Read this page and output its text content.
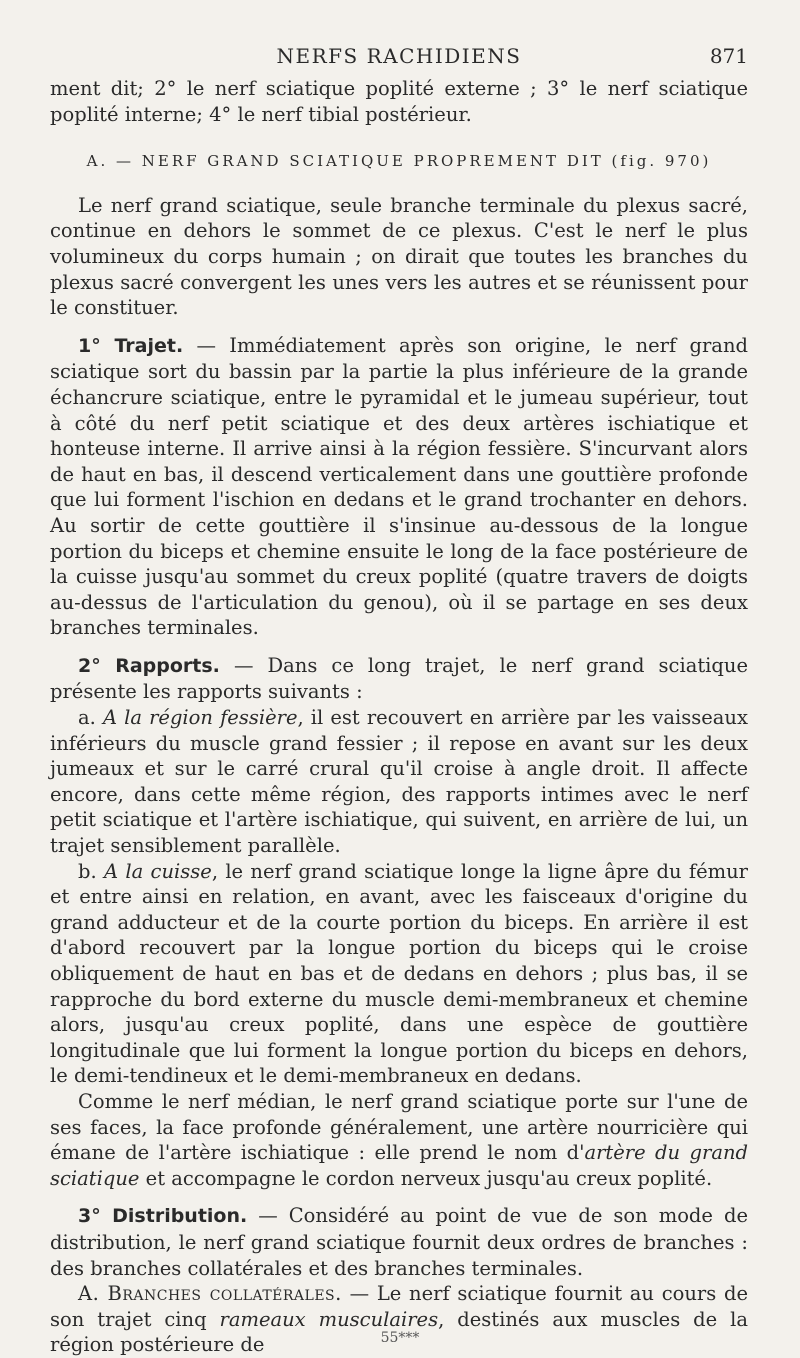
NERFS RACHIDIENS	871

ment dit; 2° le nerf sciatique poplité externe ; 3° le nerf sciatique poplité interne; 4° le nerf tibial postérieur.

A. — NERF GRAND SCIATIQUE PROPREMENT DIT (fig. 970)

Le nerf grand sciatique, seule branche terminale du plexus sacré, continue en dehors le sommet de ce plexus. C'est le nerf le plus volumineux du corps humain ; on dirait que toutes les branches du plexus sacré convergent les unes vers les autres et se réunissent pour le constituer.

1° Trajet. — Immédiatement après son origine, le nerf grand sciatique sort du bassin par la partie la plus inférieure de la grande échancrure sciatique, entre le pyramidal et le jumeau supérieur, tout à côté du nerf petit sciatique et des deux artères ischiatique et honteuse interne. Il arrive ainsi à la région fessière. S'incurvant alors de haut en bas, il descend verticalement dans une gouttière profonde que lui forment l'ischion en dedans et le grand trochanter en dehors. Au sortir de cette gouttière il s'insinue au-dessous de la longue portion du biceps et chemine ensuite le long de la face postérieure de la cuisse jusqu'au sommet du creux poplité (quatre travers de doigts au-dessus de l'articulation du genou), où il se partage en ses deux branches terminales.

2° Rapports. — Dans ce long trajet, le nerf grand sciatique présente les rapports suivants :

a. A la région fessière, il est recouvert en arrière par les vaisseaux inférieurs du muscle grand fessier ; il repose en avant sur les deux jumeaux et sur le carré crural qu'il croise à angle droit. Il affecte encore, dans cette même région, des rapports intimes avec le nerf petit sciatique et l'artère ischiatique, qui suivent, en arrière de lui, un trajet sensiblement parallèle.

b. A la cuisse, le nerf grand sciatique longe la ligne âpre du fémur et entre ainsi en relation, en avant, avec les faisceaux d'origine du grand adducteur et de la courte portion du biceps. En arrière il est d'abord recouvert par la longue portion du biceps qui le croise obliquement de haut en bas et de dedans en dehors ; plus bas, il se rapproche du bord externe du muscle demi-membraneux et chemine alors, jusqu'au creux poplité, dans une espèce de gouttière longitudinale que lui forment la longue portion du biceps en dehors, le demi-tendineux et le demi-membraneux en dedans.

Comme le nerf médian, le nerf grand sciatique porte sur l'une de ses faces, la face profonde généralement, une artère nourricière qui émane de l'artère ischiatique : elle prend le nom d'artère du grand sciatique et accompagne le cordon nerveux jusqu'au creux poplité.

3° Distribution. — Considéré au point de vue de son mode de distribution, le nerf grand sciatique fournit deux ordres de branches : des branches collatérales et des branches terminales.

A. Branches collatérales. — Le nerf sciatique fournit au cours de son trajet cinq rameaux musculaires, destinés aux muscles de la région postérieure de	55***
